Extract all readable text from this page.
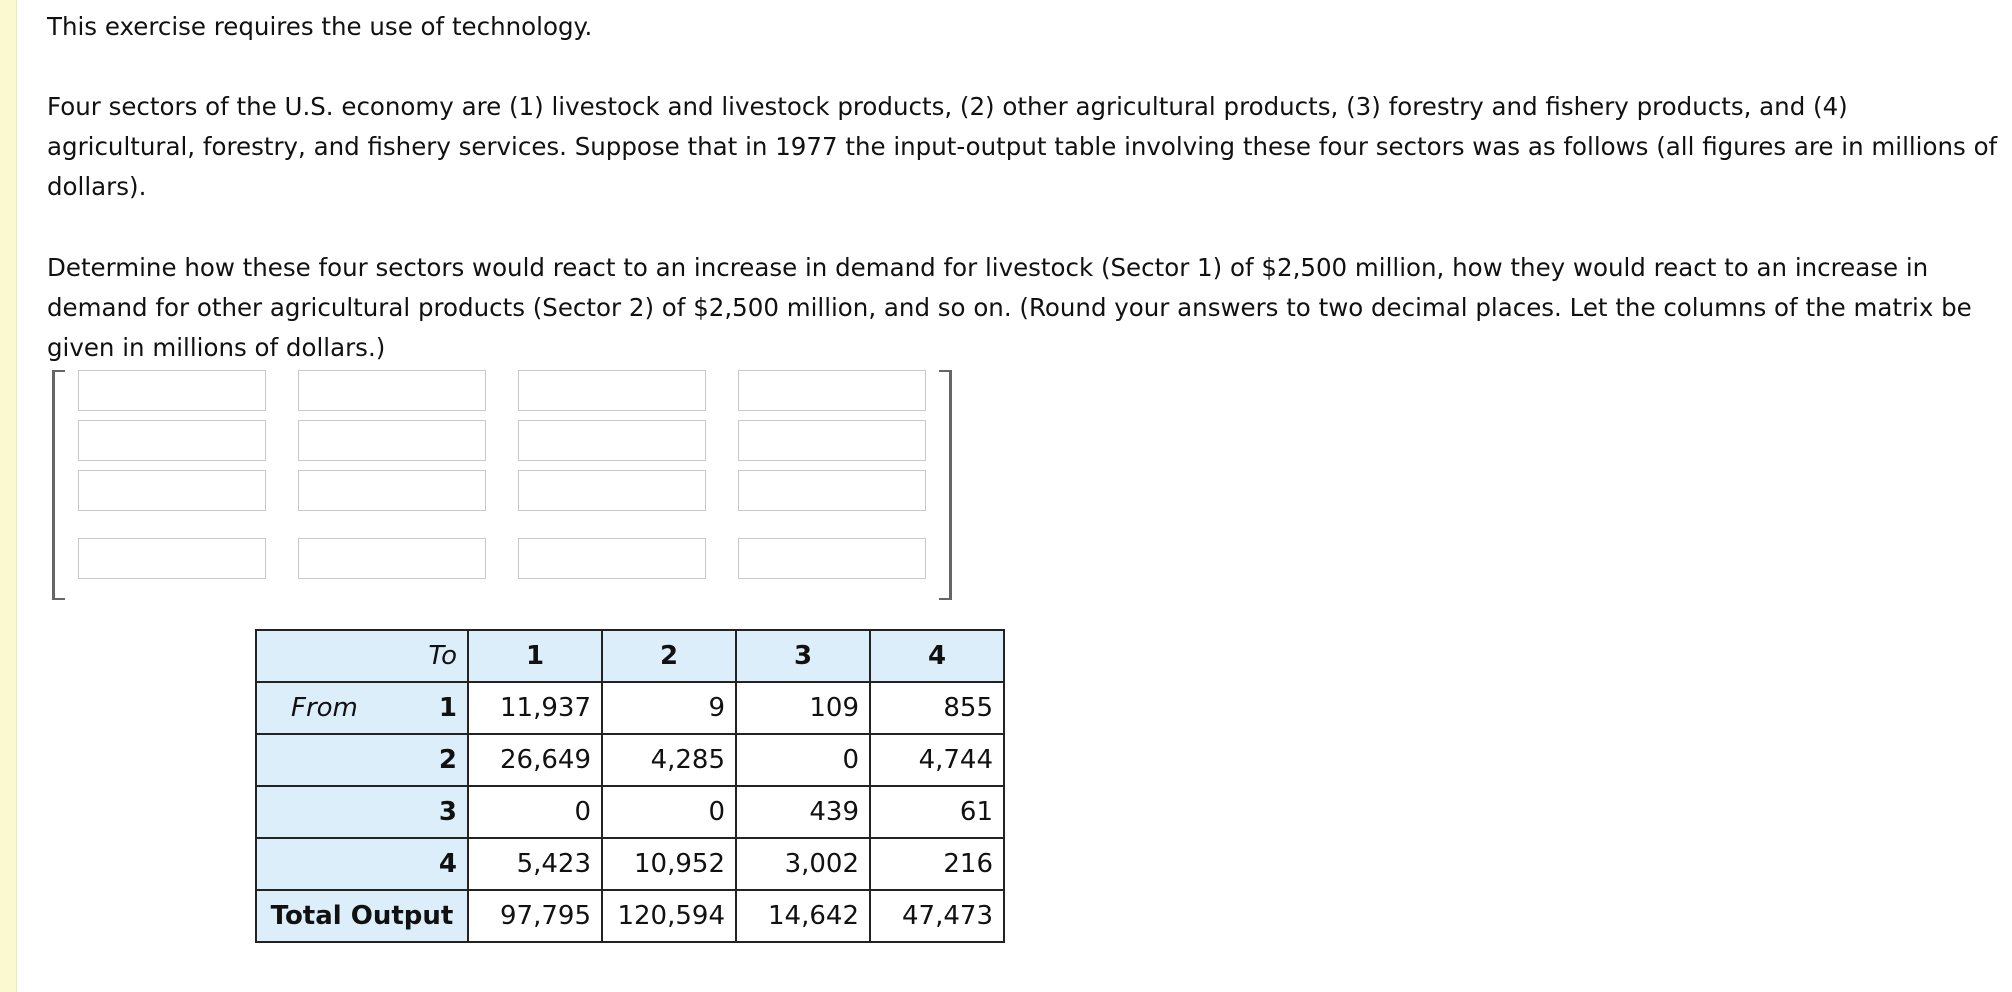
This exercise requires the use of technology.

Four sectors of the U.S. economy are (1) livestock and livestock products, (2) other agricultural products, (3) forestry and fishery products, and (4) agricultural, forestry, and fishery services. Suppose that in 1977 the input-output table involving these four sectors was as follows (all figures are in millions of dollars).

Determine how these four sectors would react to an increase in demand for livestock (Sector 1) of $2,500 million, how they would react to an increase in demand for other agricultural products (Sector 2) of $2,500 million, and so on. (Round your answers to two decimal places. Let the columns of the matrix be given in millions of dollars.)

To	1	2	3	4

From 1	11,937	9	109	855
2	26,649	4,285	0	4,744
3	0	0	439	61
4	5,423	10,952	3,002	216
Total Output	97,795	120,594	14,642	47,473
